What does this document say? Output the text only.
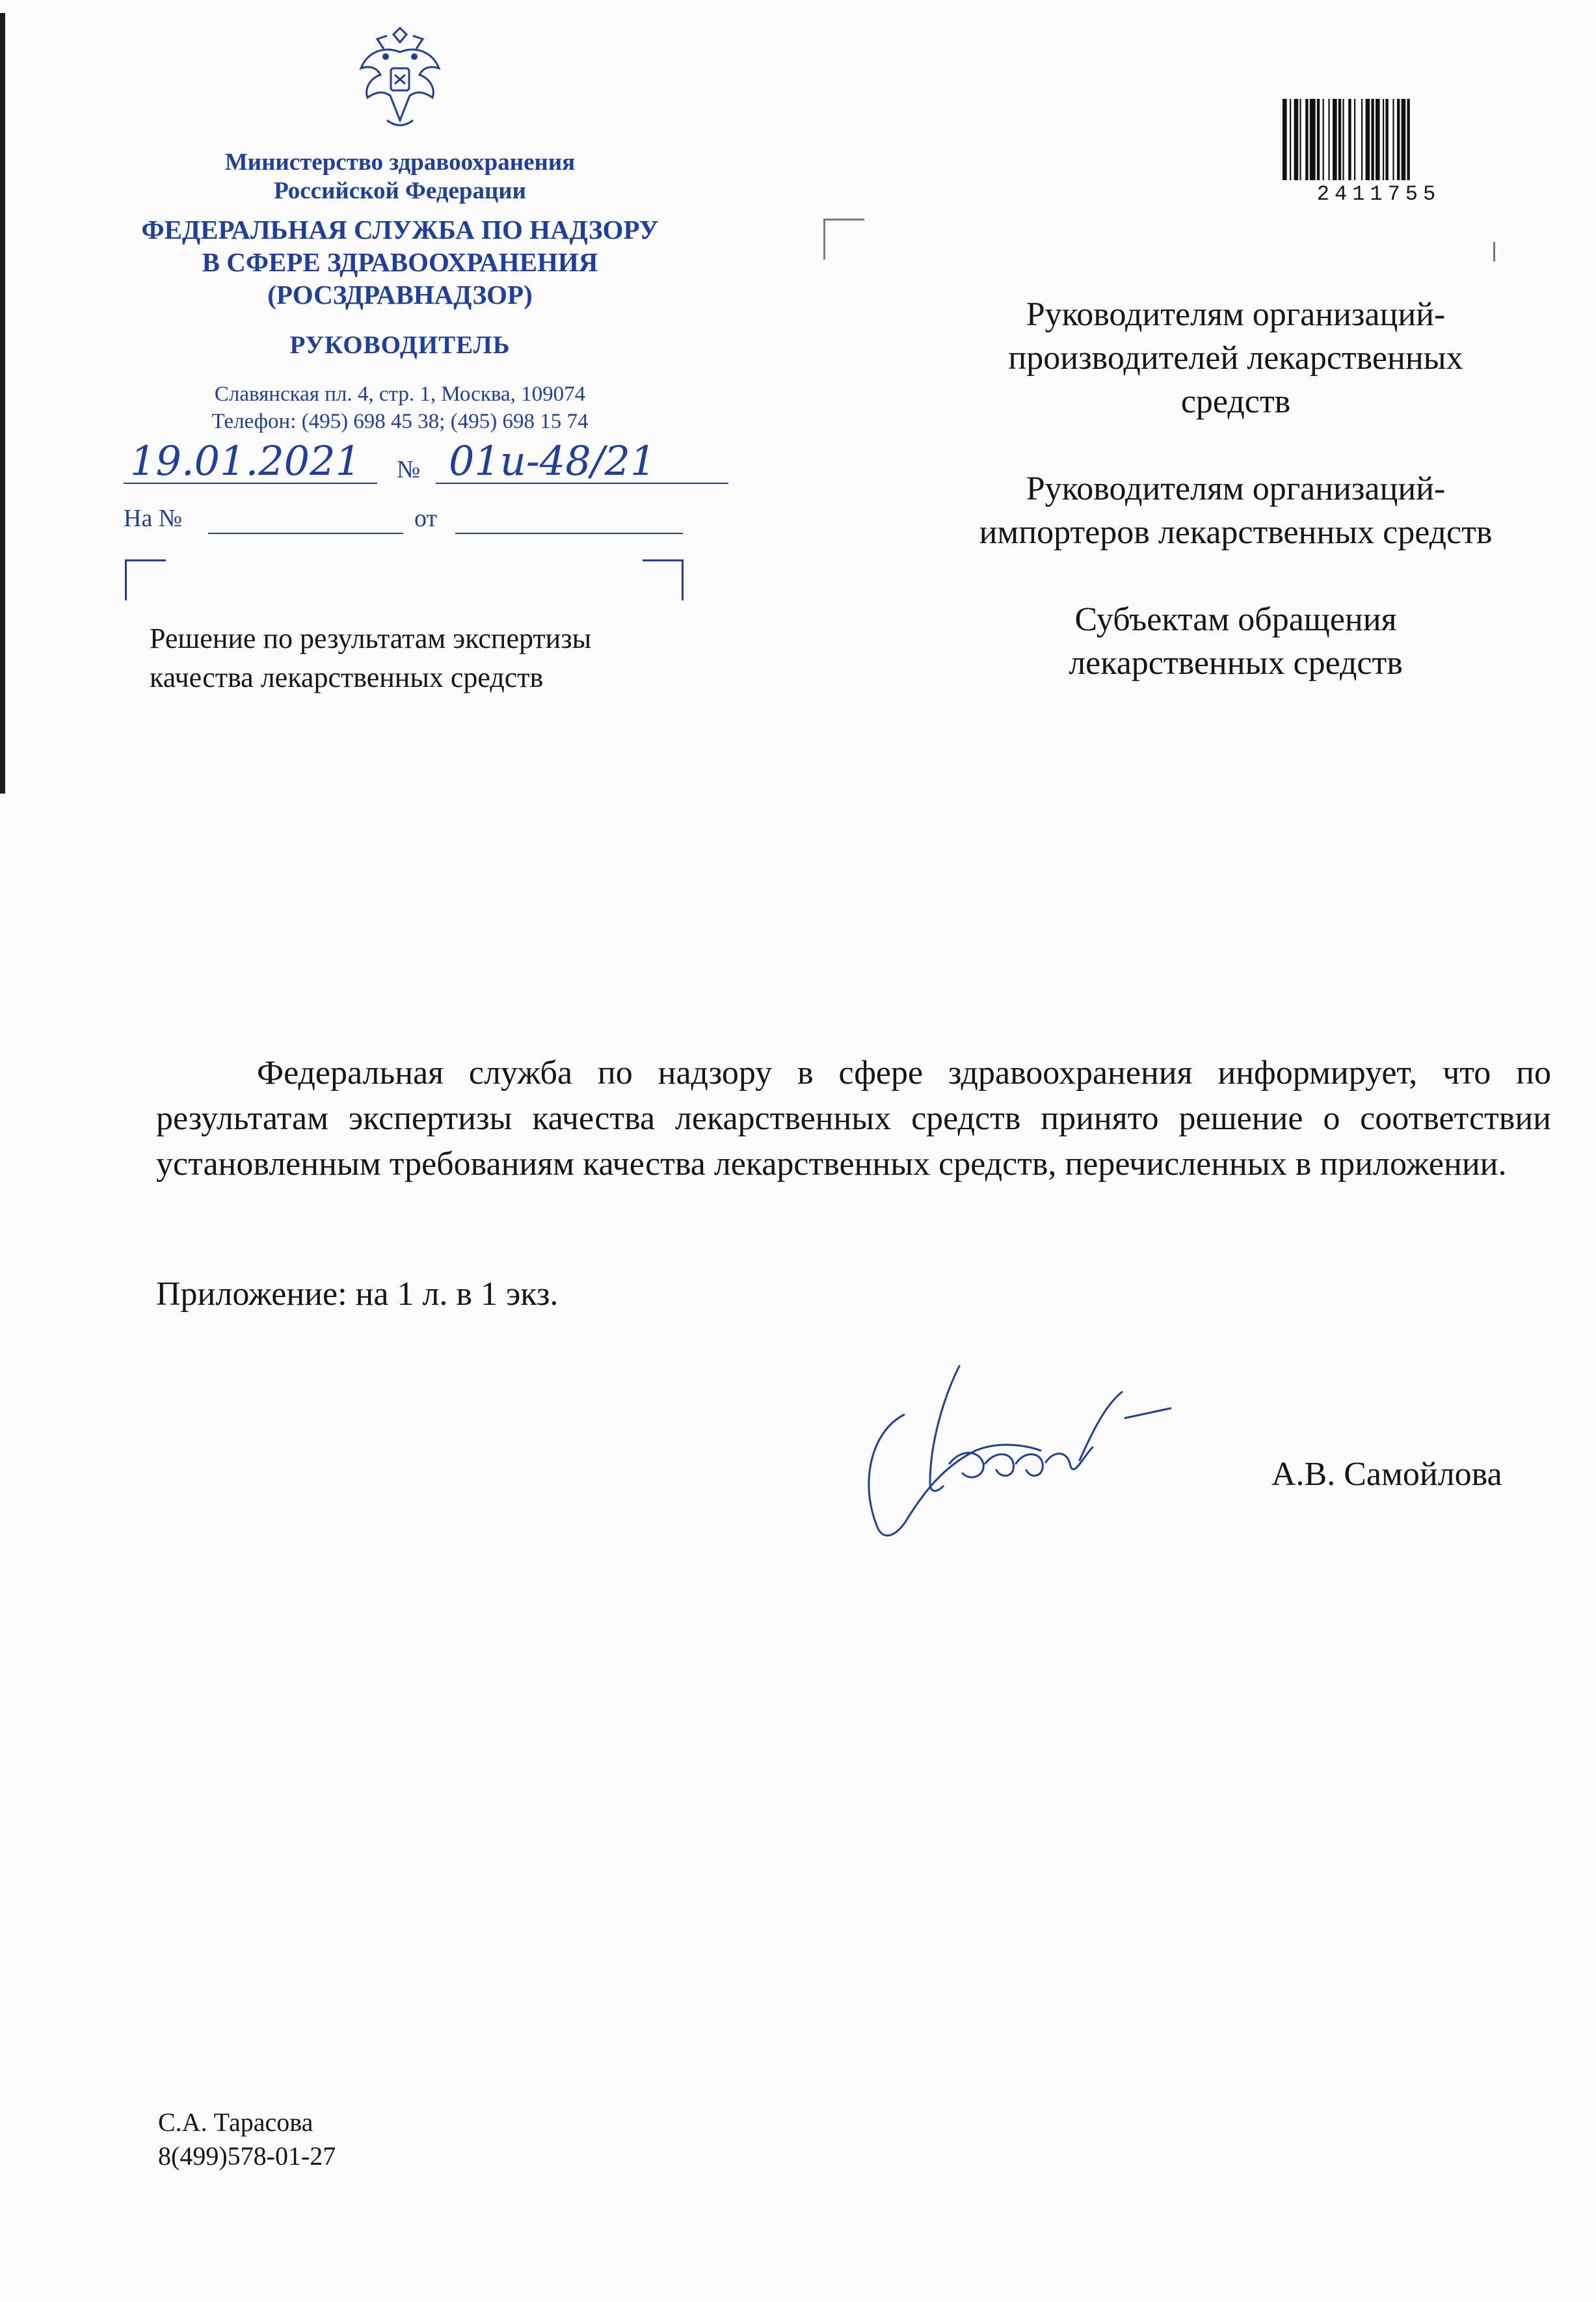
Министерство здравоохранения
Российской Федерации
ФЕДЕРАЛЬНАЯ СЛУЖБА ПО НАДЗОРУ
В СФЕРЕ ЗДРАВООХРАНЕНИЯ
(РОСЗДРАВНАДЗОР)
РУКОВОДИТЕЛЬ
Славянская пл. 4, стр. 1, Москва, 109074
Телефон: (495) 698 45 38; (495) 698 15 74
19.01.2021 № 01и-48/21
На №	от
Решение по результатам экспертизы
качества лекарственных средств
2411755

Руководителям организаций-
производителей лекарственных
средств

Руководителям организаций-
импортеров лекарственных средств

Субъектам обращения
лекарственных средств

Федеральная служба по надзору в сфере здравоохранения информирует, что по результатам экспертизы качества лекарственных средств принято решение о соответствии установленным требованиям качества лекарственных средств, перечисленных в приложении.

Приложение: на 1 л. в 1 экз.
А.В. Самойлова
С.А. Тарасова
8(499)578-01-27
